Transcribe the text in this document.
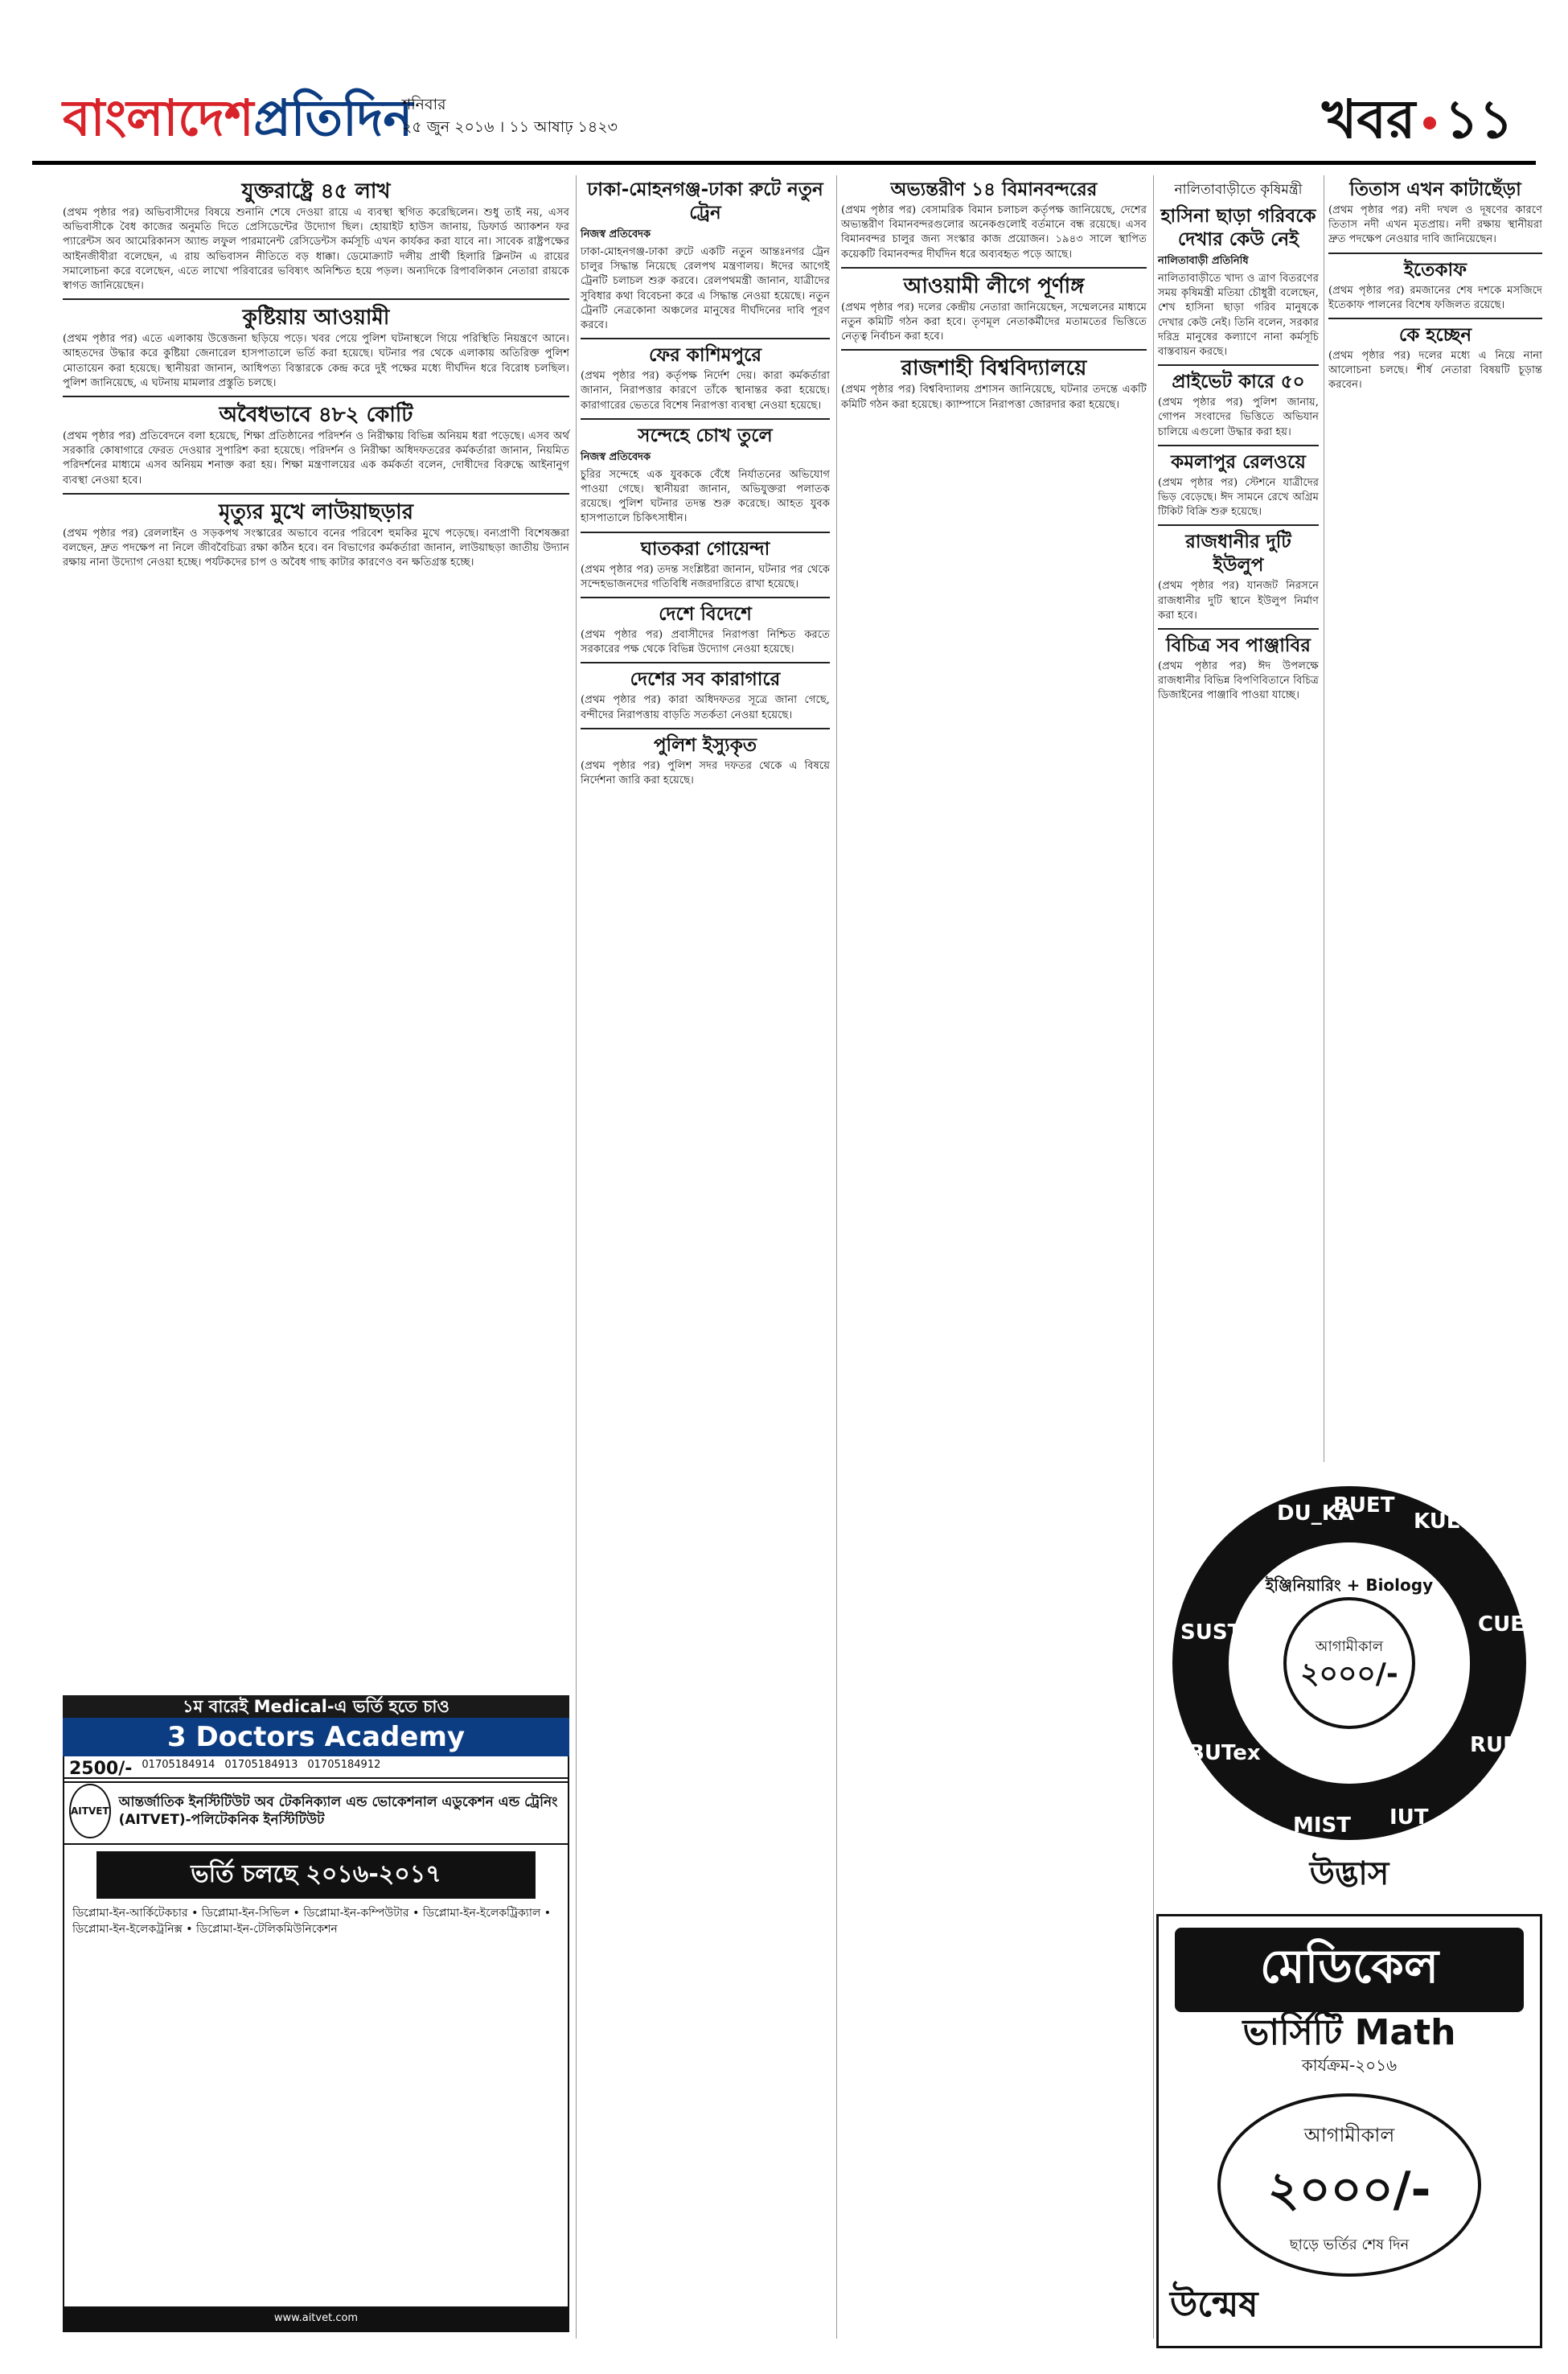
বাংলাদেশপ্রতিদিন
শনিবার
২৫ জুন ২০১৬ । ১১ আষাঢ় ১৪২৩	খবর ১১
যুক্তরাষ্ট্রে ৪৫ লাখ

(প্রথম পৃষ্ঠার পর) অভিবাসীদের বিষয়ে শুনানি শেষে দেওয়া রায়ে এ ব্যবস্থা স্থগিত করেছিলেন। শুধু তাই নয়, এসব অভিবাসীকে বৈধ কাজের অনুমতি দিতে প্রেসিডেন্টের উদ্যোগ ছিল। হোয়াইট হাউস জানায়, ডিফার্ড অ্যাকশন ফর প্যারেন্টস অব আমেরিকানস অ্যান্ড লফুল পারমানেন্ট রেসিডেন্টস কর্মসূচি এখন কার্যকর করা যাবে না। সাবেক রাষ্ট্রপক্ষের আইনজীবীরা বলেছেন, এ রায় অভিবাসন নীতিতে বড় ধাক্কা। ডেমোক্র্যাট দলীয় প্রার্থী হিলারি ক্লিনটন এ রায়ের সমালোচনা করে বলেছেন, এতে লাখো পরিবারের ভবিষ্যৎ অনিশ্চিত হয়ে পড়ল। অন্যদিকে রিপাবলিকান নেতারা রায়কে স্বাগত জানিয়েছেন।

কুষ্টিয়ায় আওয়ামী

(প্রথম পৃষ্ঠার পর) এতে এলাকায় উত্তেজনা ছড়িয়ে পড়ে। খবর পেয়ে পুলিশ ঘটনাস্থলে গিয়ে পরিস্থিতি নিয়ন্ত্রণে আনে। আহতদের উদ্ধার করে কুষ্টিয়া জেনারেল হাসপাতালে ভর্তি করা হয়েছে। ঘটনার পর থেকে এলাকায় অতিরিক্ত পুলিশ মোতায়েন করা হয়েছে। স্থানীয়রা জানান, আধিপত্য বিস্তারকে কেন্দ্র করে দুই পক্ষের মধ্যে দীর্ঘদিন ধরে বিরোধ চলছিল। পুলিশ জানিয়েছে, এ ঘটনায় মামলার প্রস্তুতি চলছে।

অবৈধভাবে ৪৮২ কোটি

(প্রথম পৃষ্ঠার পর) প্রতিবেদনে বলা হয়েছে, শিক্ষা প্রতিষ্ঠানের পরিদর্শন ও নিরীক্ষায় বিভিন্ন অনিয়ম ধরা পড়েছে। এসব অর্থ সরকারি কোষাগারে ফেরত দেওয়ার সুপারিশ করা হয়েছে। পরিদর্শন ও নিরীক্ষা অধিদফতরের কর্মকর্তারা জানান, নিয়মিত পরিদর্শনের মাধ্যমে এসব অনিয়ম শনাক্ত করা হয়। শিক্ষা মন্ত্রণালয়ের এক কর্মকর্তা বলেন, দোষীদের বিরুদ্ধে আইনানুগ ব্যবস্থা নেওয়া হবে।

মৃত্যুর মুখে লাউয়াছড়ার

(প্রথম পৃষ্ঠার পর) রেললাইন ও সড়কপথ সংস্কারের অভাবে বনের পরিবেশ হুমকির মুখে পড়েছে। বন্যপ্রাণী বিশেষজ্ঞরা বলছেন, দ্রুত পদক্ষেপ না নিলে জীববৈচিত্র্য রক্ষা কঠিন হবে। বন বিভাগের কর্মকর্তারা জানান, লাউয়াছড়া জাতীয় উদ্যান রক্ষায় নানা উদ্যোগ নেওয়া হচ্ছে। পর্যটকদের চাপ ও অবৈধ গাছ কাটার কারণেও বন ক্ষতিগ্রস্ত হচ্ছে।

ঢাকা-মোহনগঞ্জ-ঢাকা রুটে নতুন ট্রেন
নিজস্ব প্রতিবেদক

ঢাকা-মোহনগঞ্জ-ঢাকা রুটে একটি নতুন আন্তঃনগর ট্রেন চালুর সিদ্ধান্ত নিয়েছে রেলপথ মন্ত্রণালয়। ঈদের আগেই ট্রেনটি চলাচল শুরু করবে। রেলপথমন্ত্রী জানান, যাত্রীদের সুবিধার কথা বিবেচনা করে এ সিদ্ধান্ত নেওয়া হয়েছে। নতুন ট্রেনটি নেত্রকোনা অঞ্চলের মানুষের দীর্ঘদিনের দাবি পূরণ করবে।

ফের কাশিমপুরে

(প্রথম পৃষ্ঠার পর) কর্তৃপক্ষ নির্দেশ দেয়। কারা কর্মকর্তারা জানান, নিরাপত্তার কারণে তাঁকে স্থানান্তর করা হয়েছে। কারাগারের ভেতরে বিশেষ নিরাপত্তা ব্যবস্থা নেওয়া হয়েছে।

সন্দেহে চোখ তুলে
নিজস্ব প্রতিবেদক

চুরির সন্দেহে এক যুবককে বেঁধে নির্যাতনের অভিযোগ পাওয়া গেছে। স্থানীয়রা জানান, অভিযুক্তরা পলাতক রয়েছে। পুলিশ ঘটনার তদন্ত শুরু করেছে। আহত যুবক হাসপাতালে চিকিৎসাধীন।

ঘাতকরা গোয়েন্দা

(প্রথম পৃষ্ঠার পর) তদন্ত সংশ্লিষ্টরা জানান, ঘটনার পর থেকে সন্দেহভাজনদের গতিবিধি নজরদারিতে রাখা হয়েছে।

দেশে বিদেশে

(প্রথম পৃষ্ঠার পর) প্রবাসীদের নিরাপত্তা নিশ্চিত করতে সরকারের পক্ষ থেকে বিভিন্ন উদ্যোগ নেওয়া হয়েছে।

দেশের সব কারাগারে

(প্রথম পৃষ্ঠার পর) কারা অধিদফতর সূত্রে জানা গেছে, বন্দীদের নিরাপত্তায় বাড়তি সতর্কতা নেওয়া হয়েছে।

পুলিশ ইস্যুকৃত

(প্রথম পৃষ্ঠার পর) পুলিশ সদর দফতর থেকে এ বিষয়ে নির্দেশনা জারি করা হয়েছে।

অভ্যন্তরীণ ১৪ বিমানবন্দরের

(প্রথম পৃষ্ঠার পর) বেসামরিক বিমান চলাচল কর্তৃপক্ষ জানিয়েছে, দেশের অভ্যন্তরীণ বিমানবন্দরগুলোর অনেকগুলোই বর্তমানে বন্ধ রয়েছে। এসব বিমানবন্দর চালুর জন্য সংস্কার কাজ প্রয়োজন। ১৯৪৩ সালে স্থাপিত কয়েকটি বিমানবন্দর দীর্ঘদিন ধরে অব্যবহৃত পড়ে আছে।

আওয়ামী লীগে পূর্ণাঙ্গ

(প্রথম পৃষ্ঠার পর) দলের কেন্দ্রীয় নেতারা জানিয়েছেন, সম্মেলনের মাধ্যমে নতুন কমিটি গঠন করা হবে। তৃণমূল নেতাকর্মীদের মতামতের ভিত্তিতে নেতৃত্ব নির্বাচন করা হবে।

রাজশাহী বিশ্ববিদ্যালয়ে

(প্রথম পৃষ্ঠার পর) বিশ্ববিদ্যালয় প্রশাসন জানিয়েছে, ঘটনার তদন্তে একটি কমিটি গঠন করা হয়েছে। ক্যাম্পাসে নিরাপত্তা জোরদার করা হয়েছে।

নালিতাবাড়ীতে কৃষিমন্ত্রী
হাসিনা ছাড়া গরিবকে দেখার কেউ নেই
নালিতাবাড়ী প্রতিনিধি

নালিতাবাড়ীতে খাদ্য ও ত্রাণ বিতরণের সময় কৃষিমন্ত্রী মতিয়া চৌধুরী বলেছেন, শেখ হাসিনা ছাড়া গরিব মানুষকে দেখার কেউ নেই। তিনি বলেন, সরকার দরিদ্র মানুষের কল্যাণে নানা কর্মসূচি বাস্তবায়ন করছে।

প্রাইভেট কারে ৫০

(প্রথম পৃষ্ঠার পর) পুলিশ জানায়, গোপন সংবাদের ভিত্তিতে অভিযান চালিয়ে এগুলো উদ্ধার করা হয়।

কমলাপুর রেলওয়ে

(প্রথম পৃষ্ঠার পর) স্টেশনে যাত্রীদের ভিড় বেড়েছে। ঈদ সামনে রেখে অগ্রিম টিকিট বিক্রি শুরু হয়েছে।

রাজধানীর দুটি ইউলুপ

(প্রথম পৃষ্ঠার পর) যানজট নিরসনে রাজধানীর দুটি স্থানে ইউলুপ নির্মাণ করা হবে।

বিচিত্র সব পাঞ্জাবির

(প্রথম পৃষ্ঠার পর) ঈদ উপলক্ষে রাজধানীর বিভিন্ন বিপণিবিতানে বিচিত্র ডিজাইনের পাঞ্জাবি পাওয়া যাচ্ছে।

তিতাস এখন কাটাছেঁড়া

(প্রথম পৃষ্ঠার পর) নদী দখল ও দূষণের কারণে তিতাস নদী এখন মৃতপ্রায়। নদী রক্ষায় স্থানীয়রা দ্রুত পদক্ষেপ নেওয়ার দাবি জানিয়েছেন।

ইতেকাফ

(প্রথম পৃষ্ঠার পর) রমজানের শেষ দশকে মসজিদে ইতেকাফ পালনের বিশেষ ফজিলত রয়েছে।

কে হচ্ছেন

(প্রথম পৃষ্ঠার পর) দলের মধ্যে এ নিয়ে নানা আলোচনা চলছে। শীর্ষ নেতারা বিষয়টি চূড়ান্ত করবেন।

১ম বারেই Medical-এ ভর্তি হতে চাও
3 Doctors Academy
2500/- 01705184914 01705184913 01705184912
AITVET
আন্তর্জাতিক ইনস্টিটিউট অব টেকনিক্যাল এন্ড ভোকেশনাল এডুকেশন এন্ড ট্রেনিং (AITVET)-পলিটেকনিক ইনস্টিটিউট
ভর্তি চলছে ২০১৬-২০১৭

ডিপ্লোমা-ইন-আর্কিটেকচার • ডিপ্লোমা-ইন-সিভিল • ডিপ্লোমা-ইন-কম্পিউটার • ডিপ্লোমা-ইন-ইলেকট্রিক্যাল • ডিপ্লোমা-ইন-ইলেকট্রনিক্স • ডিপ্লোমা-ইন-টেলিকমিউনিকেশন

www.aitvet.com
DU_KA
BUET
KUET
CUET
RUET
IUT
MIST
BUTex
SUST
ইঞ্জিনিয়ারিং + Biology
আগামীকাল
২০০০/-
উদ্ভাস
মেডিকেল
ভার্সিটি Math
কার্যক্রম-২০১৬
আগামীকাল
২০০০/-
ছাড়ে ভর্তির শেষ দিন
উন্মেষ
